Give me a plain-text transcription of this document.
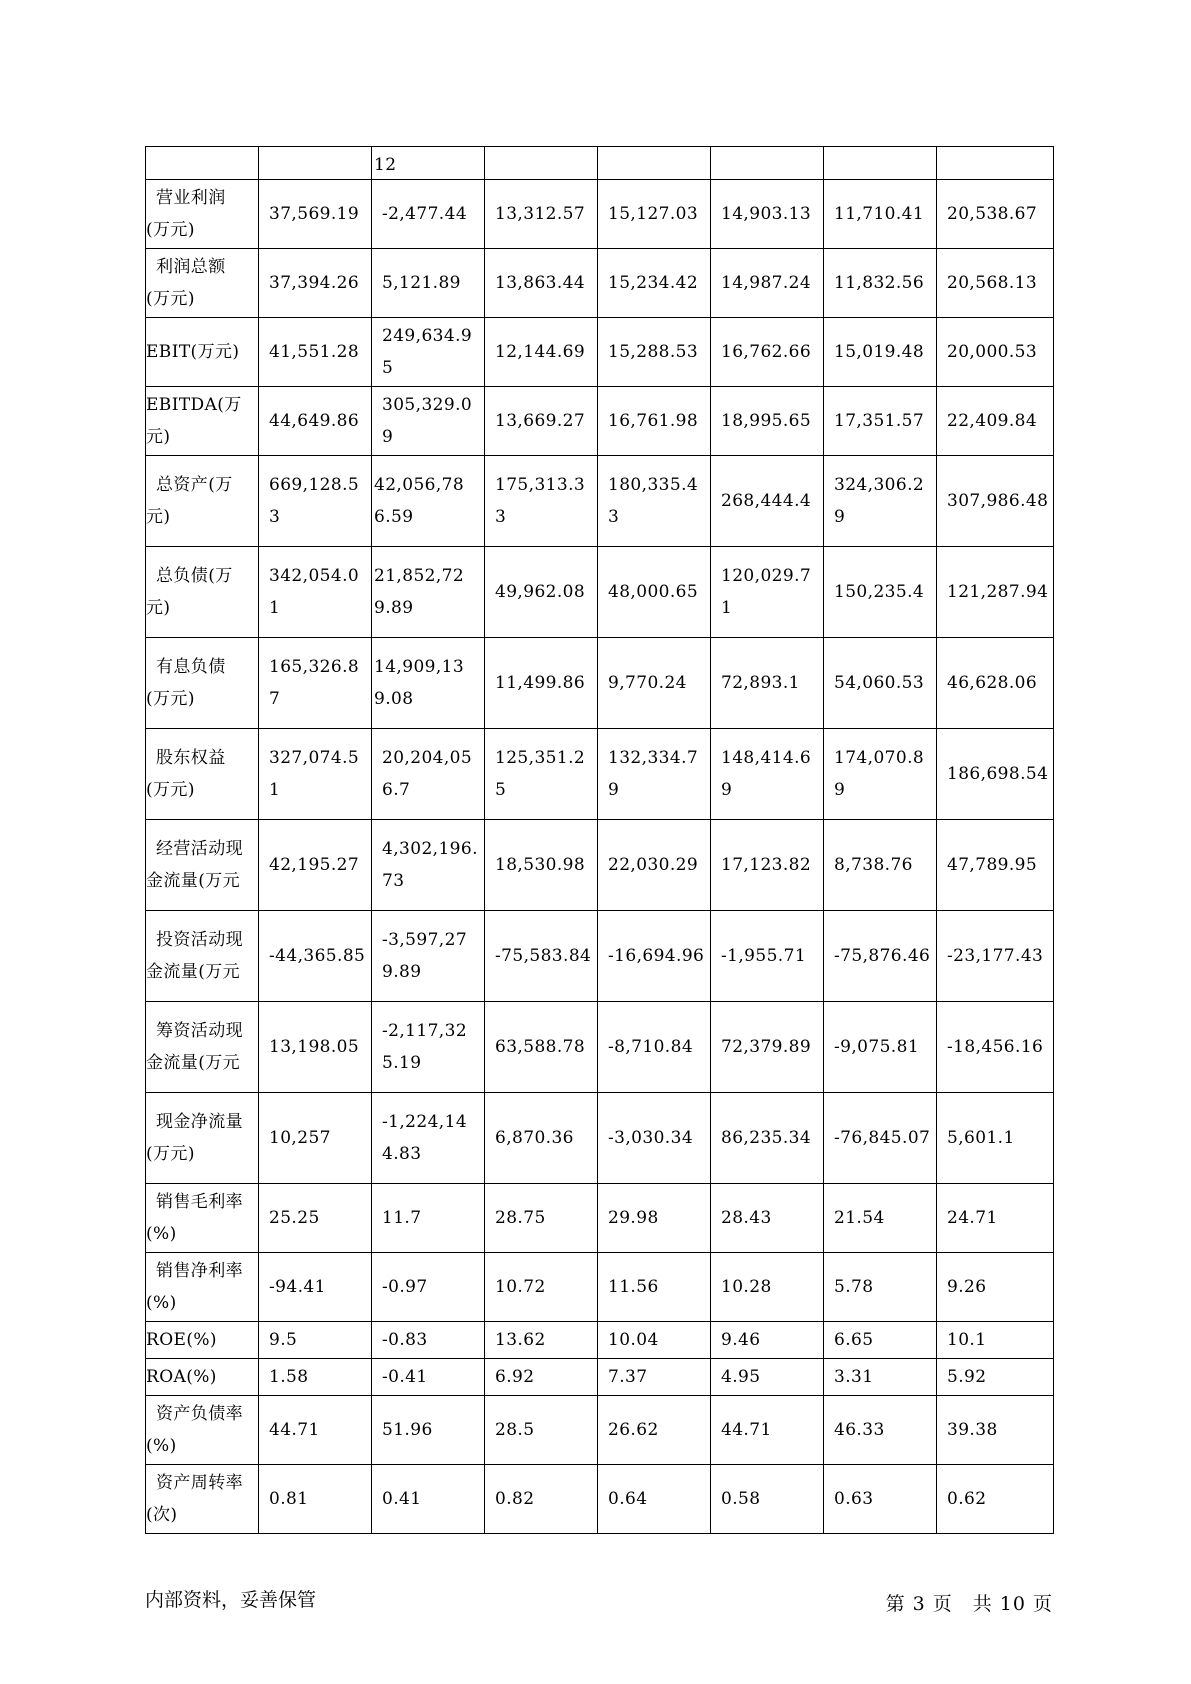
		12					

营业利润
(万元)	37,569.19	-2,477.44	13,312.57	15,127.03	14,903.13	11,710.41	20,538.67

利润总额
(万元)	37,394.26	5,121.89	13,863.44	15,234.42	14,987.24	11,832.56	20,568.13

EBIT(万元)	41,551.28	249,634.95	12,144.69	15,288.53	16,762.66	15,019.48	20,000.53

EBITDA(万
元)	44,649.86	305,329.09	13,669.27	16,761.98	18,995.65	17,351.57	22,409.84

总资产(万
元)	669,128.53	42,056,786.59	175,313.33	180,335.43	268,444.4	324,306.29	307,986.48

总负债(万
元)	342,054.01	21,852,729.89	49,962.08	48,000.65	120,029.71	150,235.4	121,287.94

有息负债
(万元)	165,326.87	14,909,139.08	11,499.86	9,770.24	72,893.1	54,060.53	46,628.06

股东权益
(万元)	327,074.51	20,204,056.7	125,351.25	132,334.79	148,414.69	174,070.89	186,698.54

经营活动现
金流量(万元	42,195.27	4,302,196.73	18,530.98	22,030.29	17,123.82	8,738.76	47,789.95

投资活动现
金流量(万元	-44,365.85	-3,597,279.89	-75,583.84	-16,694.96	-1,955.71	-75,876.46	-23,177.43

筹资活动现
金流量(万元	13,198.05	-2,117,325.19	63,588.78	-8,710.84	72,379.89	-9,075.81	-18,456.16

现金净流量
(万元)	10,257	-1,224,144.83	6,870.36	-3,030.34	86,235.34	-76,845.07	5,601.1

销售毛利率
(%)	25.25	11.7	28.75	29.98	28.43	21.54	24.71

销售净利率
(%)	-94.41	-0.97	10.72	11.56	10.28	5.78	9.26

ROE(%)	9.5	-0.83	13.62	10.04	9.46	6.65	10.1

ROA(%)	1.58	-0.41	6.92	7.37	4.95	3.31	5.92

资产负债率
(%)	44.71	51.96	28.5	26.62	44.71	46.33	39.38

资产周转率
(次)	0.81	0.41	0.82	0.64	0.58	0.63	0.62
内部资料，妥善保管	第 3 页　共 10 页
